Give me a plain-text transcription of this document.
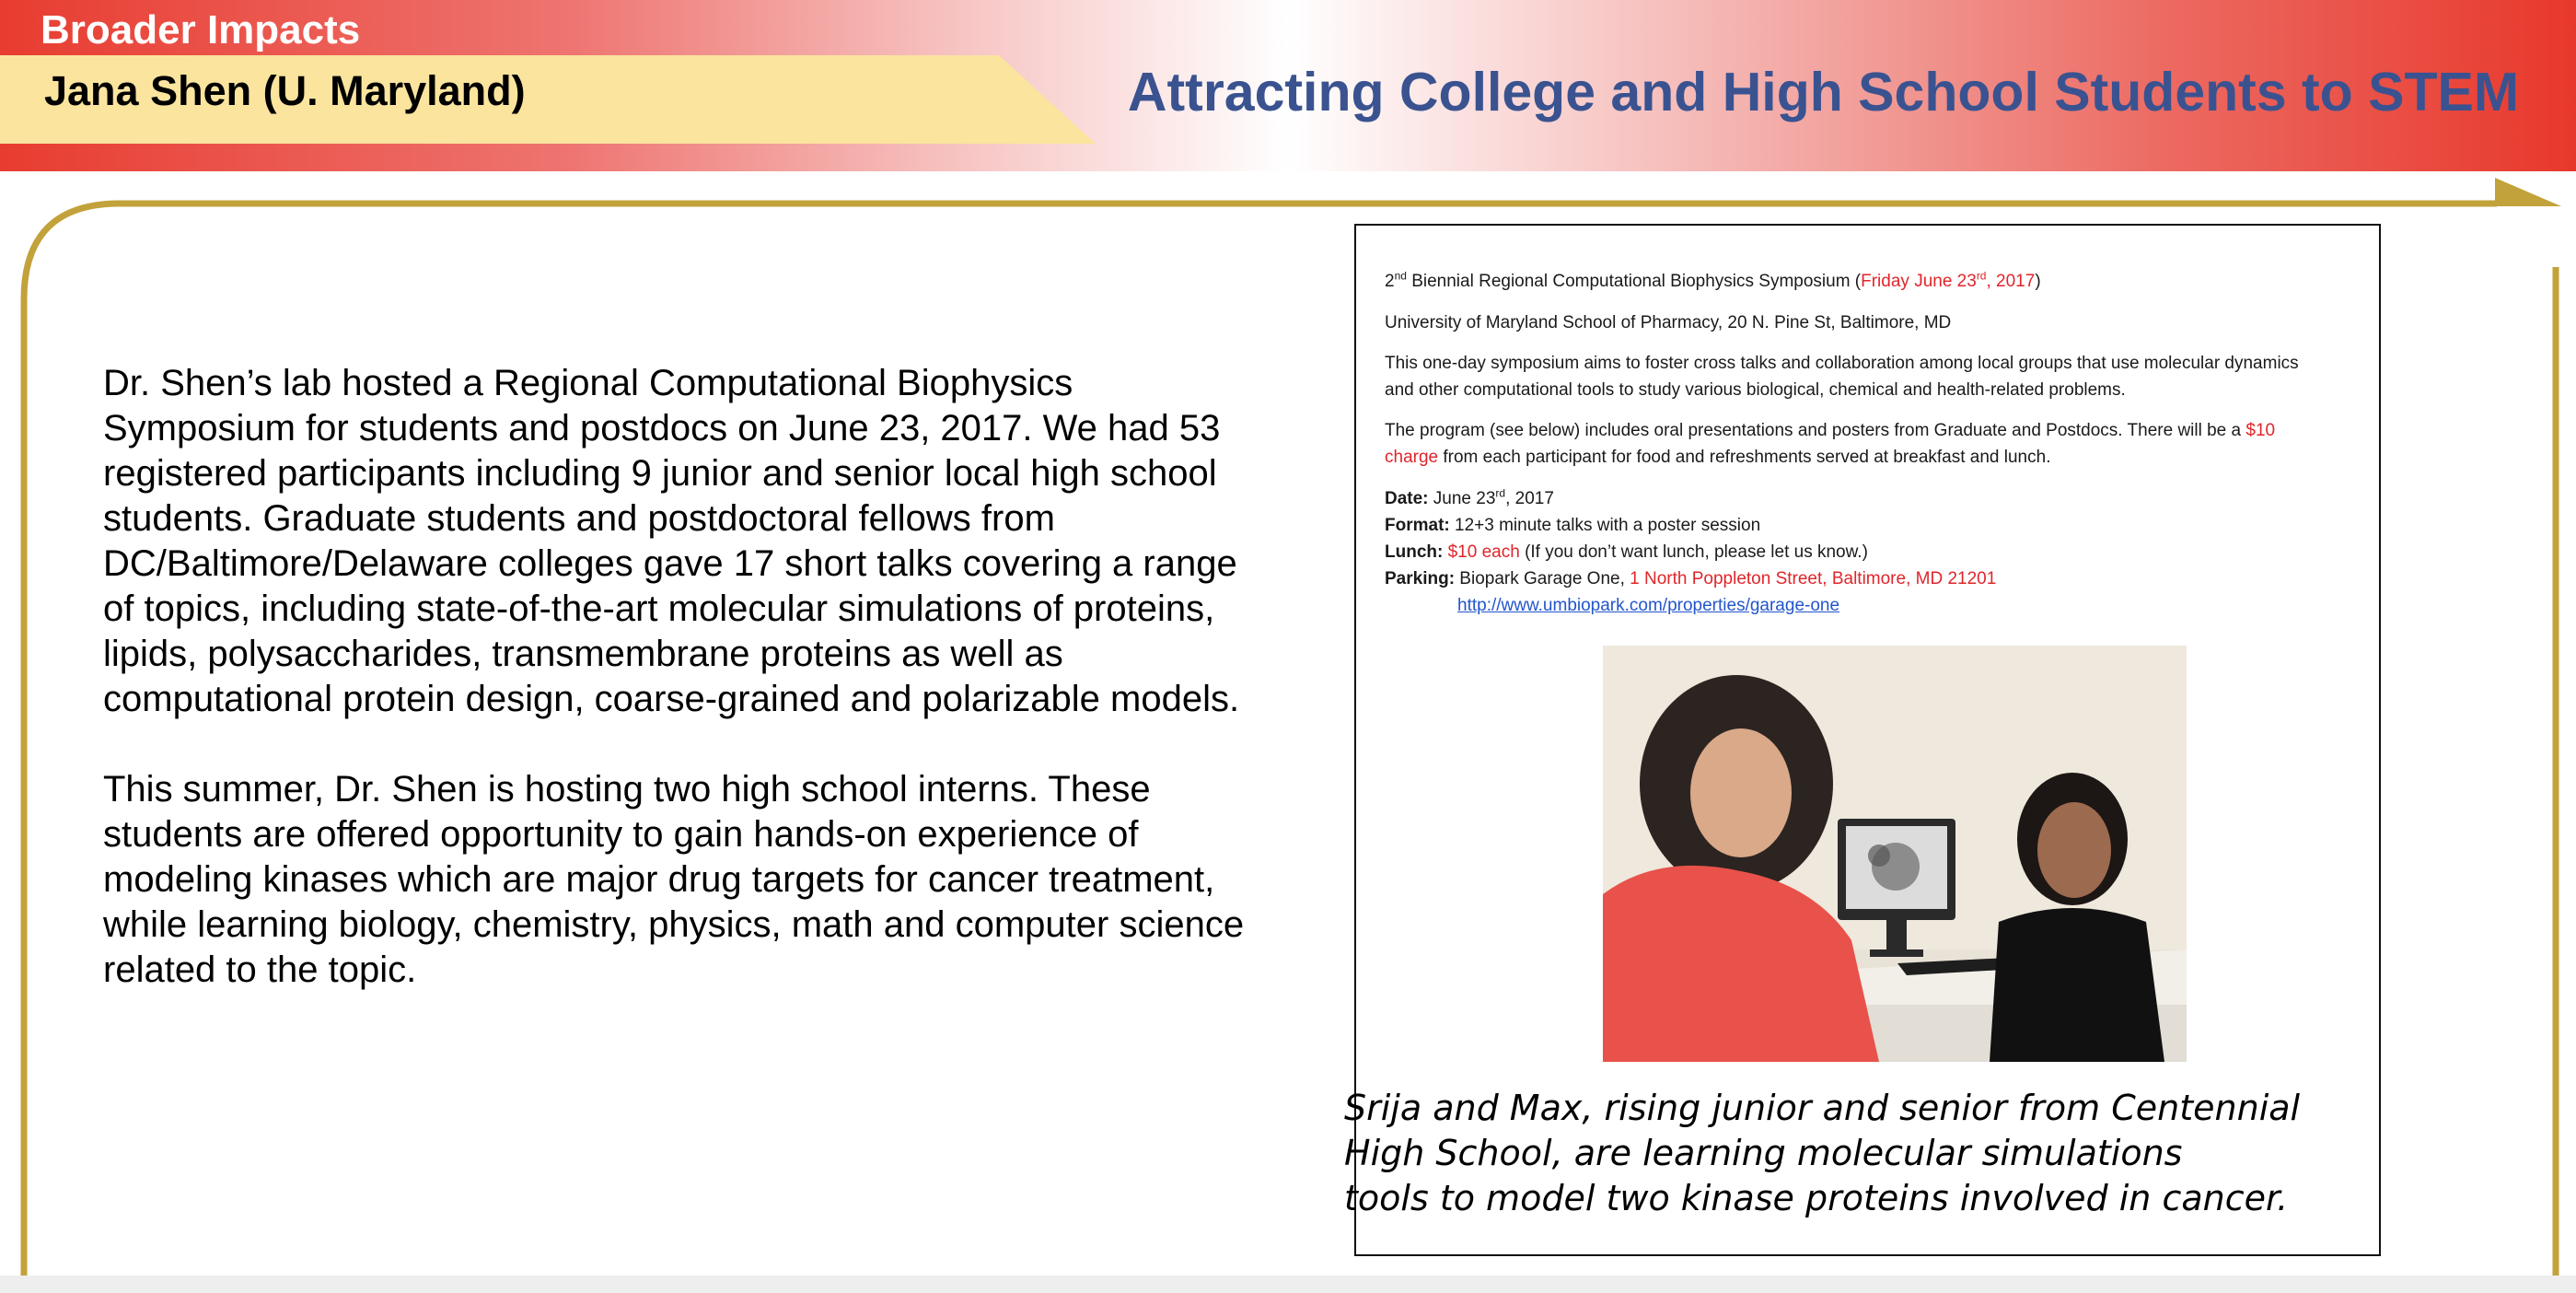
Broader Impacts
Jana Shen (U. Maryland)	Attracting College and High School Students to STEM

Dr. Shen’s lab hosted a Regional Computational Biophysics Symposium for students and postdocs on June 23, 2017. We had 53 registered participants including 9 junior and senior local high school students. Graduate students and postdoctoral fellows from DC/Baltimore/Delaware colleges gave 17 short talks covering a range of topics, including state-of-the-art molecular simulations of proteins, lipids, polysaccharides, transmembrane proteins as well as computational protein design, coarse-grained and polarizable models.

This summer, Dr. Shen is hosting two high school interns. These students are offered opportunity to gain hands-on experience of modeling kinases which are major drug targets for cancer treatment, while learning biology, chemistry, physics, math and computer science related to the topic.

2nd Biennial Regional Computational Biophysics Symposium (Friday June 23rd, 2017)
University of Maryland School of Pharmacy, 20 N. Pine St, Baltimore, MD
This one-day symposium aims to foster cross talks and collaboration among local groups that use molecular dynamics
and other computational tools to study various biological, chemical and health-related problems.
The program (see below) includes oral presentations and posters from Graduate and Postdocs. There will be a $10
charge from each participant for food and refreshments served at breakfast and lunch.
Date: June 23rd, 2017
Format: 12+3 minute talks with a poster session
Lunch: $10 each (If you don’t want lunch, please let us know.)
Parking: Biopark Garage One, 1 North Poppleton Street, Baltimore, MD 21201
http://www.umbiopark.com/properties/garage-one
Srija and Max, rising junior and senior from Centennial
High School, are learning molecular simulations
tools to model two kinase proteins involved in cancer.
